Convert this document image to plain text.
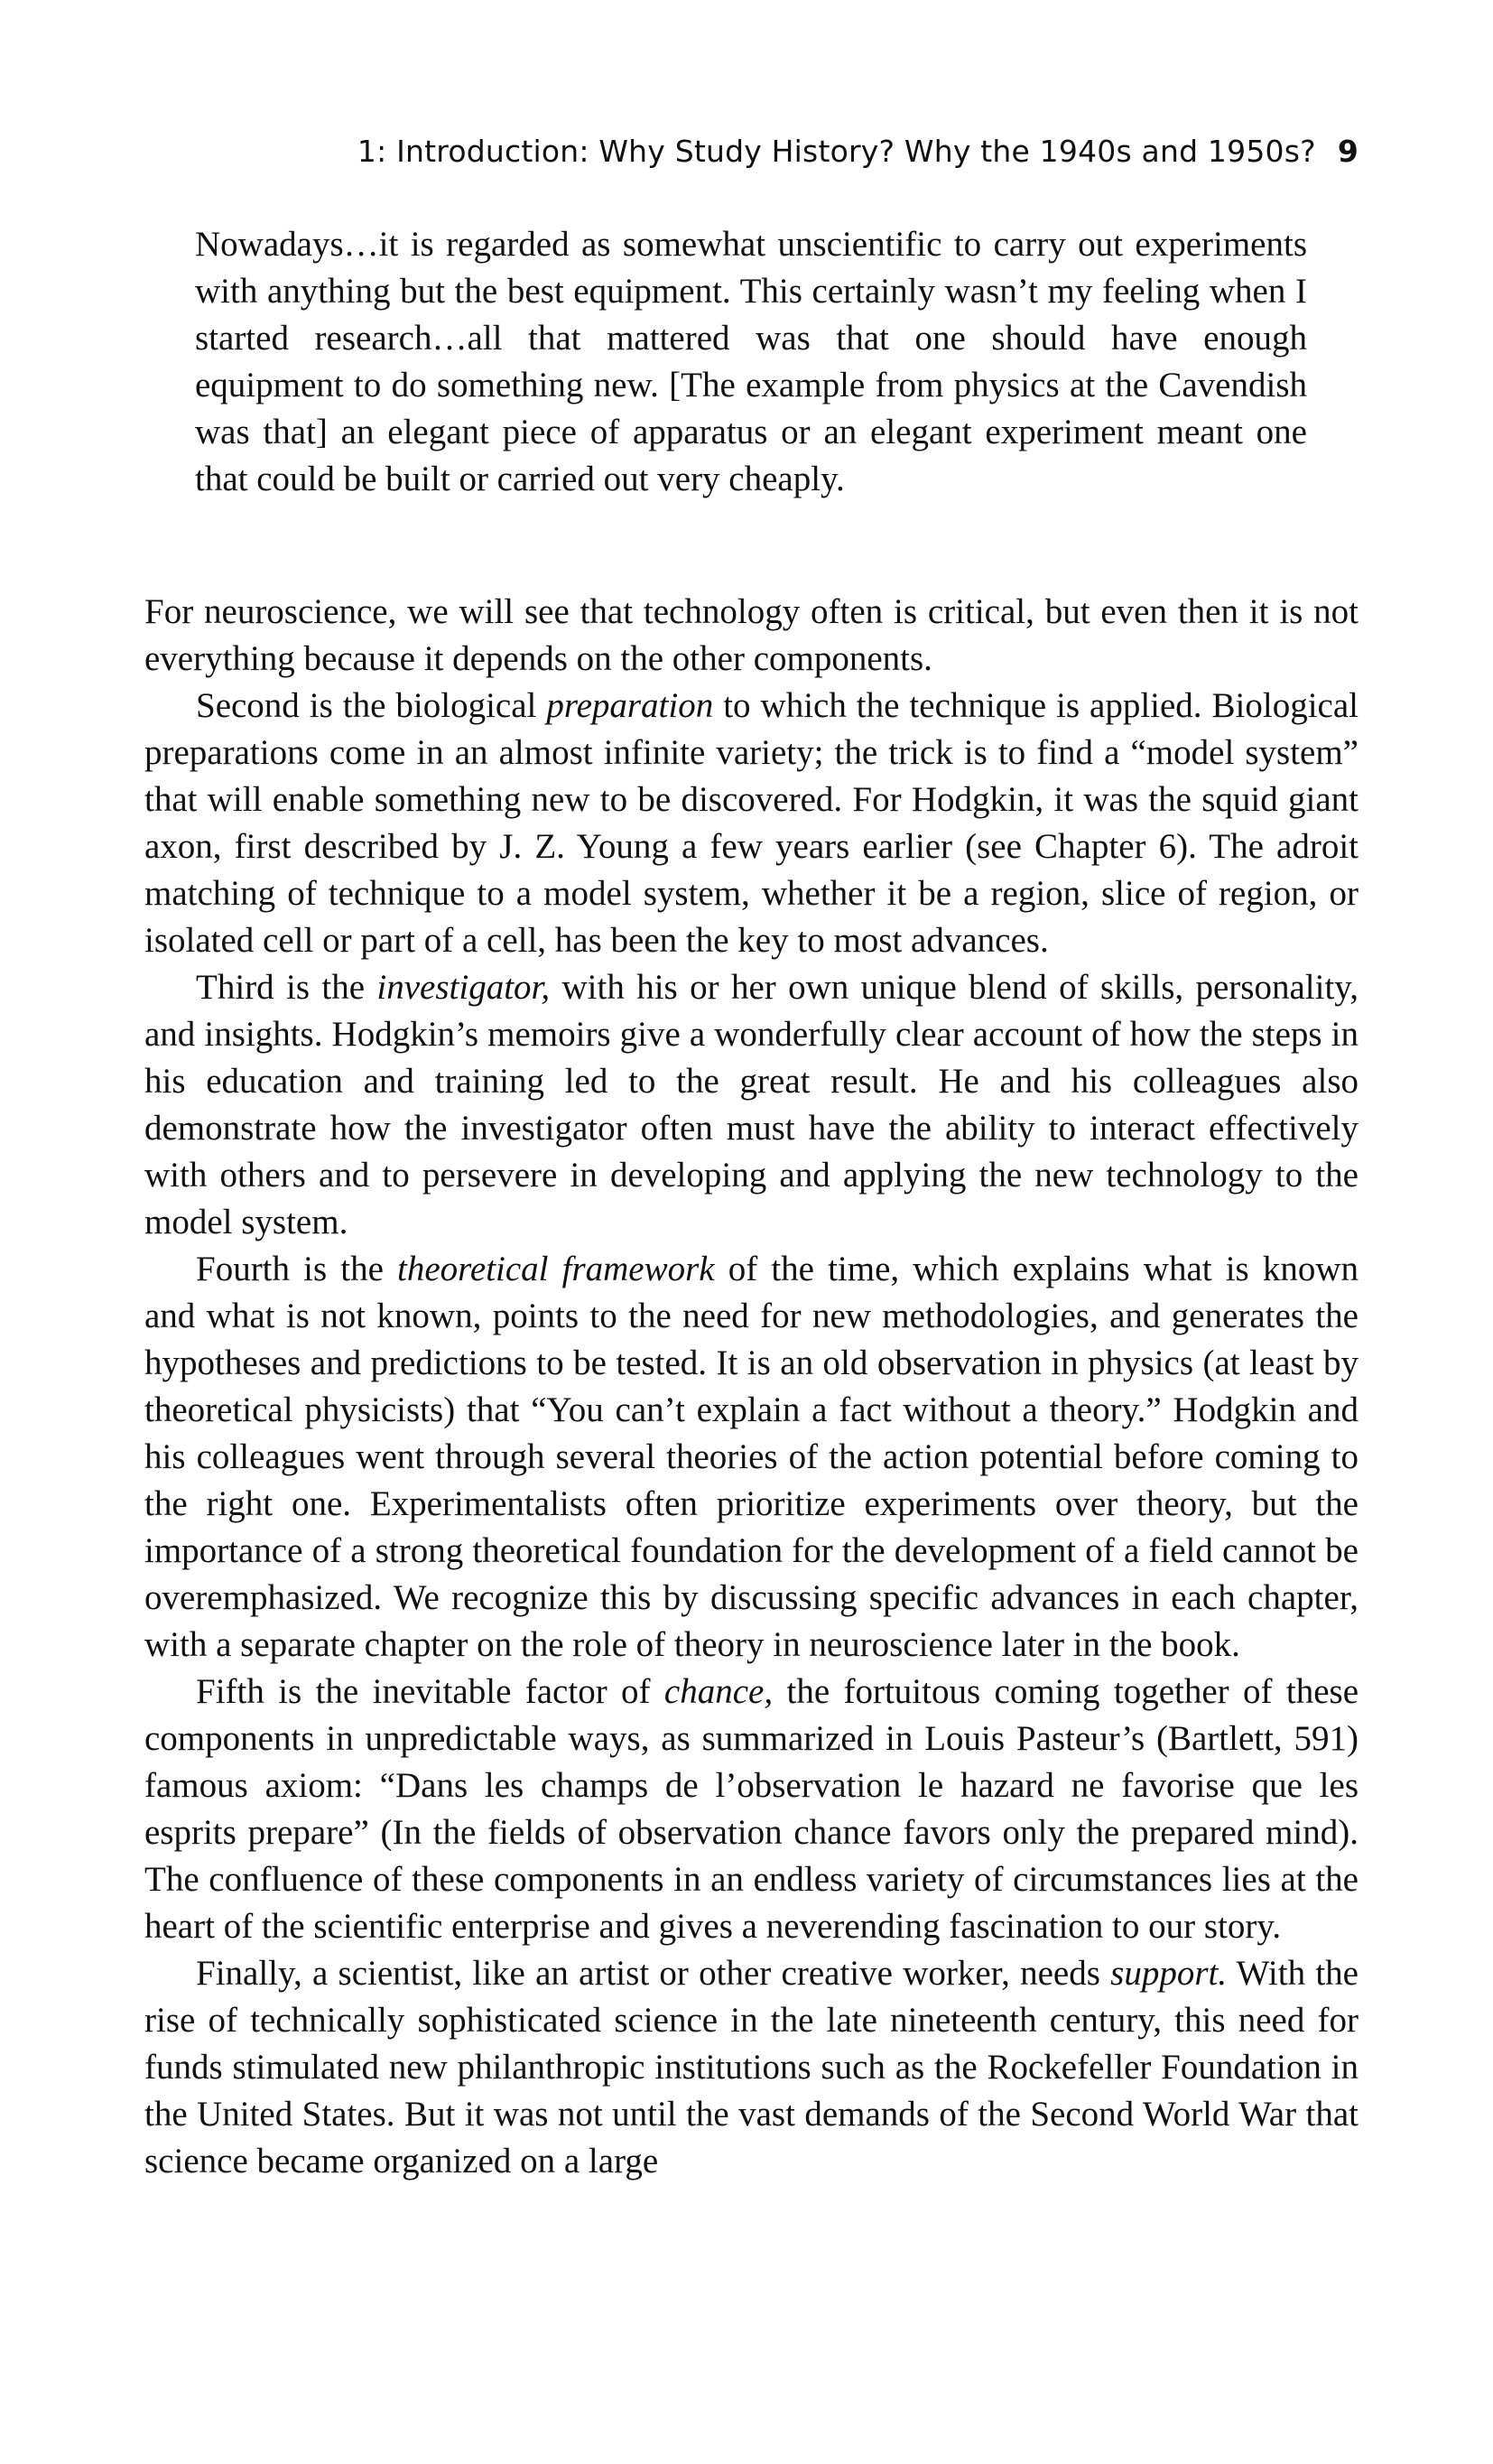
1: Introduction: Why Study History? Why the 1940s and 1950s? 9

Nowadays…it is regarded as somewhat unscientific to carry out experiments with anything but the best equipment. This certainly wasn’t my feeling when I started research…all that mattered was that one should have enough equipment to do something new. [The example from physics at the Cavendish was that] an elegant piece of apparatus or an elegant experiment meant one that could be built or carried out very cheaply.

For neuroscience, we will see that technology often is critical, but even then it is not everything because it depends on the other components.

Second is the biological preparation to which the technique is applied. Biological preparations come in an almost infinite variety; the trick is to find a “model system” that will enable something new to be discovered. For Hodgkin, it was the squid giant axon, first described by J. Z. Young a few years earlier (see Chapter 6). The adroit matching of technique to a model system, whether it be a region, slice of region, or isolated cell or part of a cell, has been the key to most advances.

Third is the investigator, with his or her own unique blend of skills, personality, and insights. Hodgkin’s memoirs give a wonderfully clear account of how the steps in his education and training led to the great result. He and his colleagues also demonstrate how the investigator often must have the ability to interact effectively with others and to persevere in developing and applying the new technology to the model system.

Fourth is the theoretical framework of the time, which explains what is known and what is not known, points to the need for new methodologies, and generates the hypotheses and predictions to be tested. It is an old observation in physics (at least by theoretical physicists) that “You can’t explain a fact without a theory.” Hodgkin and his colleagues went through several theories of the action potential before coming to the right one. Experimentalists often prioritize experiments over theory, but the importance of a strong theoretical foundation for the development of a field cannot be overemphasized. We recognize this by discussing specific advances in each chapter, with a separate chapter on the role of theory in neuroscience later in the book.

Fifth is the inevitable factor of chance, the fortuitous coming together of these components in unpredictable ways, as summarized in Louis Pasteur’s (Bartlett, 591) famous axiom: “Dans les champs de l’observation le hazard ne favorise que les esprits prepare” (In the fields of observation chance favors only the prepared mind). The confluence of these components in an endless variety of circumstances lies at the heart of the scientific enterprise and gives a neverending fascination to our story.

Finally, a scientist, like an artist or other creative worker, needs support. With the rise of technically sophisticated science in the late nineteenth century, this need for funds stimulated new philanthropic institutions such as the Rockefeller Foundation in the United States. But it was not until the vast demands of the Second World War that science became organized on a large
